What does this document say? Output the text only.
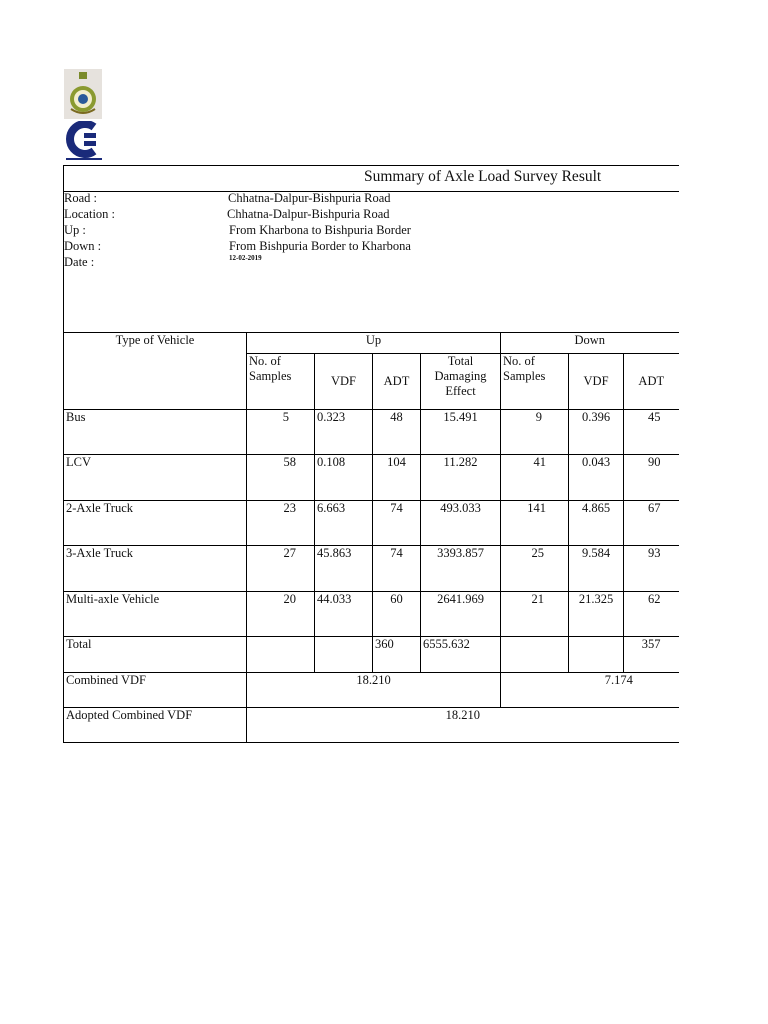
Summary of Axle Load Survey Result
Road :	Chhatna-Dalpur-Bishpuria Road
Location :	Chhatna-Dalpur-Bishpuria Road
Up :	From Kharbona to Bishpuria Border
Down :	From Bishpuria Border to Kharbona
Date :	12-02-2019
Type of Vehicle	Up				Down		
	No. of Samples	VDF	ADT	Total Damaging Effect	No. of Samples	VDF	ADT
Bus	5	0.323	48	15.491	9	0.396	45
LCV	58	0.108	104	11.282	41	0.043	90
2-Axle Truck	23	6.663	74	493.033	141	4.865	67
3-Axle Truck	27	45.863	74	3393.857	25	9.584	93
Multi-axle Vehicle	20	44.033	60	2641.969	21	21.325	62
Total			360	6555.632			357
Combined VDF	18.210				7.174		
Adopted Combined VDF	18.210						
